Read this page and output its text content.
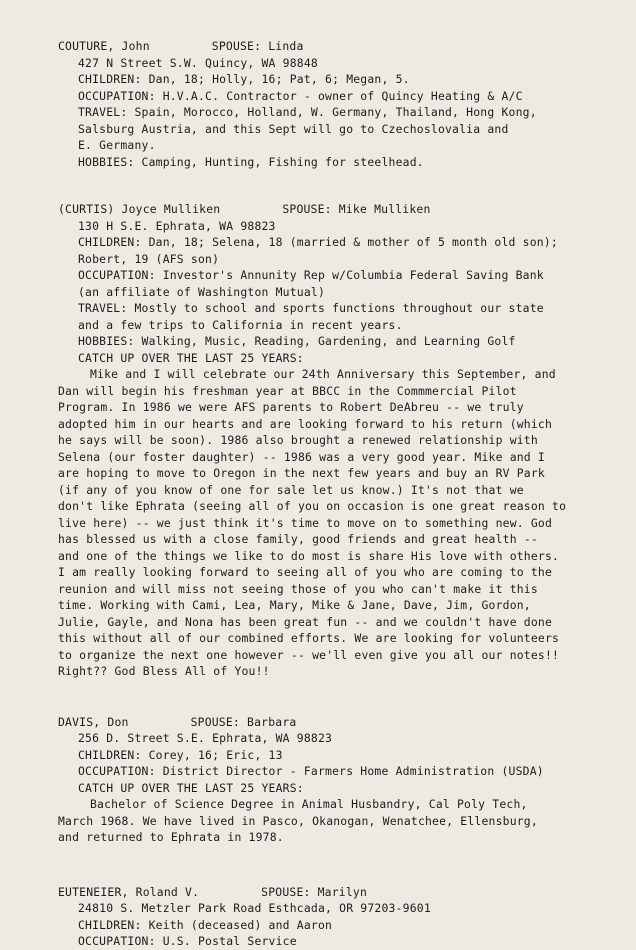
COUTURE, John	SPOUSE: Linda
427 N Street S.W. Quincy, WA 98848
CHILDREN: Dan, 18; Holly, 16; Pat, 6; Megan, 5.
OCCUPATION: H.V.A.C. Contractor - owner of Quincy Heating & A/C
TRAVEL: Spain, Morocco, Holland, W. Germany, Thailand, Hong Kong,
Salsburg Austria, and this Sept will go to Czechoslovalia and
E. Germany.
HOBBIES: Camping, Hunting, Fishing for steelhead.
(CURTIS) Joyce Mulliken	SPOUSE: Mike Mulliken
130 H S.E. Ephrata, WA 98823
CHILDREN: Dan, 18; Selena, 18 (married & mother of 5 month old son);
Robert, 19 (AFS son)
OCCUPATION: Investor's Annunity Rep w/Columbia Federal Saving Bank
(an affiliate of Washington Mutual)
TRAVEL: Mostly to school and sports functions throughout our state
and a few trips to California in recent years.
HOBBIES: Walking, Music, Reading, Gardening, and Learning Golf
CATCH UP OVER THE LAST 25 YEARS:
Mike and I will celebrate our 24th Anniversary this September, and
Dan will begin his freshman year at BBCC in the Commmercial Pilot
Program. In 1986 we were AFS parents to Robert DeAbreu -- we truly
adopted him in our hearts and are looking forward to his return (which
he says will be soon). 1986 also brought a renewed relationship with
Selena (our foster daughter) -- 1986 was a very good year. Mike and I
are hoping to move to Oregon in the next few years and buy an RV Park
(if any of you know of one for sale let us know.) It's not that we
don't like Ephrata (seeing all of you on occasion is one great reason to
live here) -- we just think it's time to move on to something new. God
has blessed us with a close family, good friends and great health --
and one of the things we like to do most is share His love with others.
I am really looking forward to seeing all of you who are coming to the
reunion and will miss not seeing those of you who can't make it this
time. Working with Cami, Lea, Mary, Mike & Jane, Dave, Jim, Gordon,
Julie, Gayle, and Nona has been great fun -- and we couldn't have done
this without all of our combined efforts. We are looking for volunteers
to organize the next one however -- we'll even give you all our notes!!
Right?? God Bless All of You!!
DAVIS, Don	SPOUSE: Barbara
256 D. Street S.E. Ephrata, WA 98823
CHILDREN: Corey, 16; Eric, 13
OCCUPATION: District Director - Farmers Home Administration (USDA)
CATCH UP OVER THE LAST 25 YEARS:
Bachelor of Science Degree in Animal Husbandry, Cal Poly Tech,
March 1968. We have lived in Pasco, Okanogan, Wenatchee, Ellensburg,
and returned to Ephrata in 1978.
EUTENEIER, Roland V.	SPOUSE: Marilyn
24810 S. Metzler Park Road Esthcada, OR 97203-9601
CHILDREN: Keith (deceased) and Aaron
OCCUPATION: U.S. Postal Service
